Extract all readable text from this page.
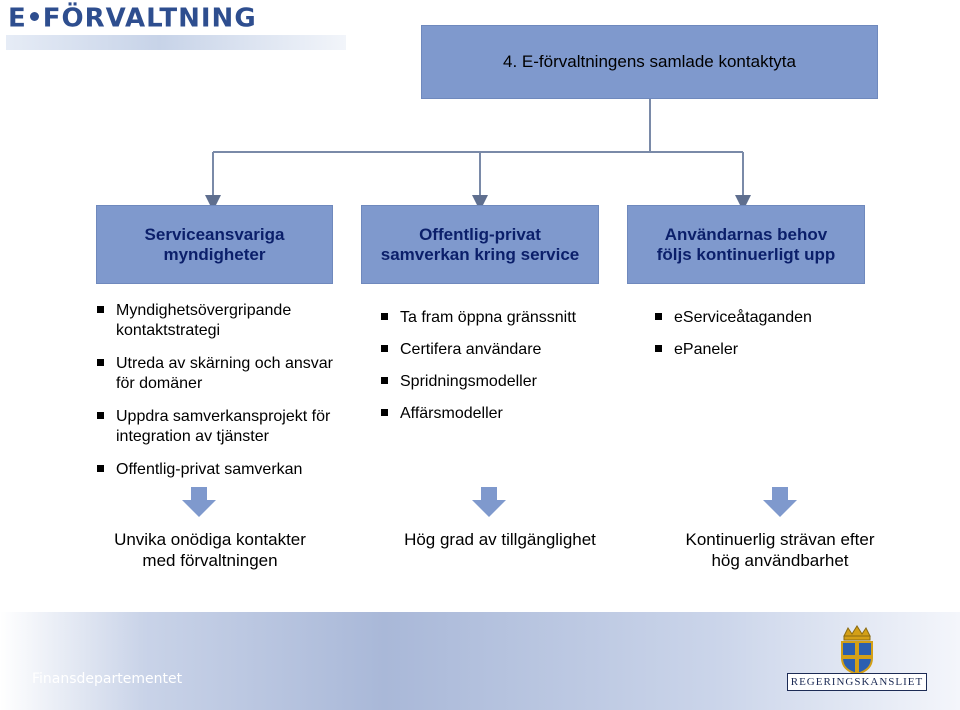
E FÖRVALTNING
4. E-förvaltningens samlade kontaktyta
Serviceansvariga
myndigheter
Offentlig-privat
samverkan kring service
Användarnas behov
följs kontinuerligt upp
Myndighetsövergripande kontaktstrategi
Utreda av skärning och ansvar för domäner
Uppdra samverkansprojekt för integration av tjänster
Offentlig-privat samverkan
Ta fram öppna gränssnitt
Certifera användare
Spridningsmodeller
Affärsmodeller
eServiceåtaganden
ePaneler
Unvika onödiga kontakter
med förvaltningen
Hög grad av tillgänglighet	Kontinuerlig strävan efter
hög användbarhet
Finansdepartementet	REGERINGSKANSLIET
